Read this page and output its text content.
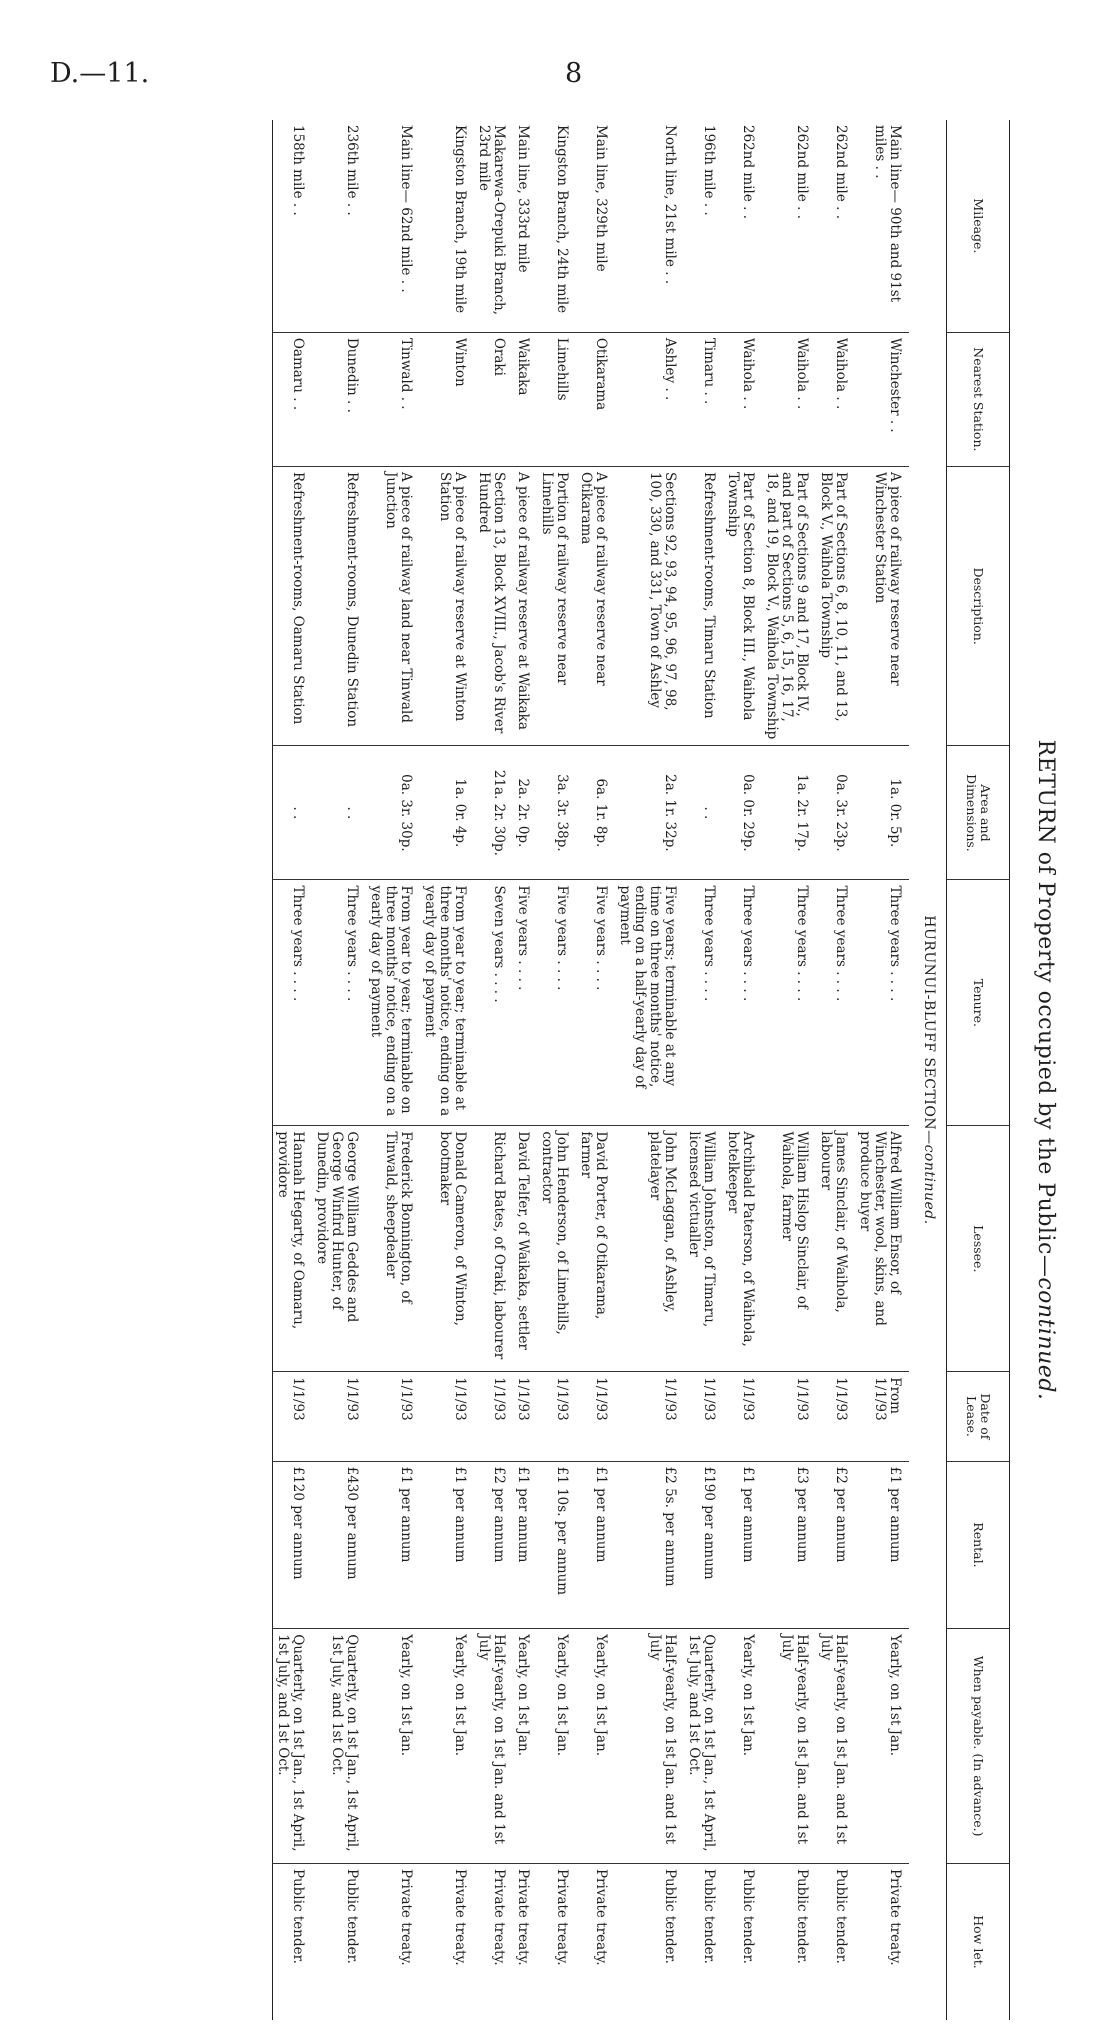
D.—11.	8
RETURN of Property occupied by the Public—continued.
Mileage.	Nearest Station.	Description.	Area and Dimensions.	Tenure.	Lessee.	Date of Lease.	Rental.	When payable. (In advance.)	How let.
HURUNUI-BLUFF SECTION—continued.									
Main line— 90th and 91st miles . .	Winchester . .	A piece of railway reserve near Winchester Station	1a. 0r. 5p.	Three years . . . .	Alfred William Ensor, of Winchester, wool, skins, and produce buyer	From 1/1/93	£1 per annum	Yearly, on 1st Jan.	Private treaty.
262nd mile . .	Waihola . .	Part of Sections 6, 8, 10, 11, and 13, Block V., Waihola Township	0a. 3r. 23p.	Three years . . . .	James Sinclair, of Waihola, labourer	1/1/93	£2 per annum	Half-yearly, on 1st Jan. and 1st July	Public tender.
262nd mile . .	Waihola . .	Part of Sections 9 and 17, Block IV., and part of Sections 5, 6, 15, 16, 17, 18, and 19, Block V., Waihola Township	1a. 2r. 17p.	Three years . . . .	William Hislop Sinclair, of Waihola, farmer	1/1/93	£3 per annum	Half-yearly, on 1st Jan. and 1st July	Public tender.
262nd mile . .	Waihola . .	Part of Section 8, Block III., Waihola Township	0a. 0r. 29p.	Three years . . . .	Archibald Paterson, of Waihola, hotelkeeper	1/1/93	£1 per annum	Yearly, on 1st Jan.	Public tender.
196th mile . .	Timaru . .	Refreshment-rooms, Timaru Station	. .	Three years . . . .	William Johnston, of Timaru, licensed victualler	1/1/93	£190 per annum	Quarterly, on 1st Jan., 1st April, 1st July, and 1st Oct.	Public tender.
North line, 21st mile . .	Ashley . .	Sections 92, 93, 94, 95, 96, 97, 98, 100, 330, and 331, Town of Ashley	2a. 1r. 32p.	Five years; terminable at any time on three months' notice, ending on a half-yearly day of payment	John McLaggan, of Ashley, platelayer	1/1/93	£2 5s. per annum	Half-yearly, on 1st Jan. and 1st July	Public tender.
Main line, 329th mile	Otikarama	A piece of railway reserve near Otikarama	6a. 1r. 8p.	Five years . . . .	David Porter, of Otikarama, farmer	1/1/93	£1 per annum	Yearly, on 1st Jan.	Private treaty.
Kingston Branch, 24th mile	Limehills	Portion of railway reserve near Limehills	3a. 3r. 38p.	Five years . . . .	John Henderson, of Limehills, contractor	1/1/93	£1 10s. per annum	Yearly, on 1st Jan.	Private treaty.
Main line, 333rd mile	Waikaka	A piece of railway reserve at Waikaka	2a. 2r. 0p.	Five years . . . .	David Telfer, of Waikaka, settler	1/1/93	£1 per annum	Yearly, on 1st Jan.	Private treaty.
Makarewa-Orepuki Branch, 23rd mile	Oraki	Section 13, Block XVIII., Jacob's River Hundred	21a. 2r. 30p.	Seven years . . . .	Richard Bates, of Oraki, labourer	1/1/93	£2 per annum	Half-yearly, on 1st Jan. and 1st July	Private treaty.
Kingston Branch, 19th mile	Winton	A piece of railway reserve at Winton Station	1a. 0r. 4p.	From year to year; terminable at three months' notice, ending on a yearly day of payment	Donald Cameron, of Winton, bootmaker	1/1/93	£1 per annum	Yearly, on 1st Jan.	Private treaty.
Main line— 62nd mile . .	Tinwald . .	A piece of railway land near Tinwald Junction	0a. 3r. 30p.	From year to year; terminable on three months' notice, ending on a yearly day of payment	Frederick Bonnington, of Tinwald, sheepdealer	1/1/93	£1 per annum	Yearly, on 1st Jan.	Private treaty.
236th mile . .	Dunedin . .	Refreshment-rooms, Dunedin Station	. .	Three years . . . .	George William Geddes and George Winfird Hunter, of Dunedin, providore	1/1/93	£430 per annum	Quarterly, on 1st Jan., 1st April, 1st July, and 1st Oct.	Public tender.
158th mile . .	Oamaru . .	Refreshment-rooms, Oamaru Station	. .	Three years . . . .	Hannah Hegarty, of Oamaru, providore	1/1/93	£120 per annum	Quarterly, on 1st Jan., 1st April, 1st July, and 1st Oct.	Public tender.
